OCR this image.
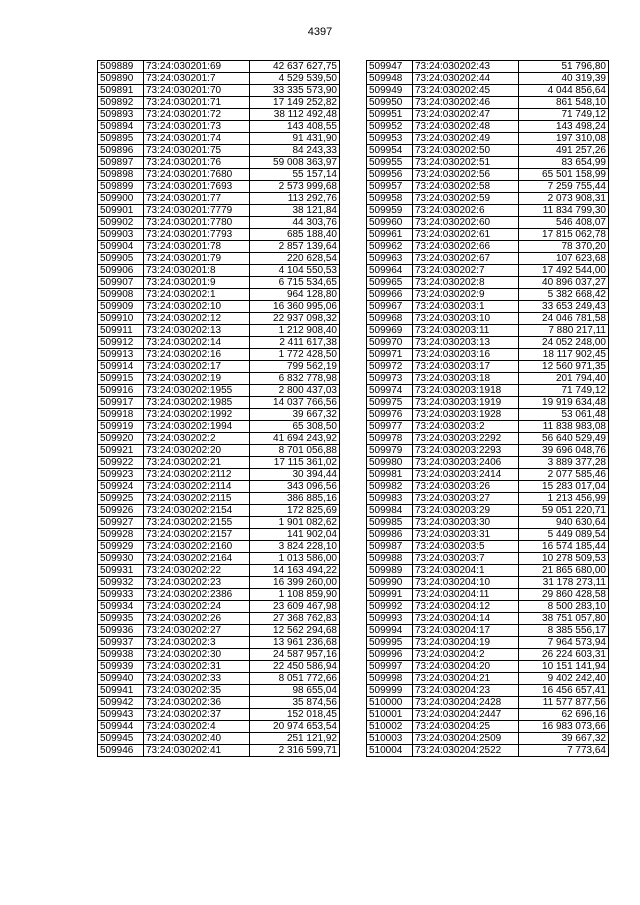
4397
509889	73:24:030201:69	42 637 627,75
509890	73:24:030201:7	4 529 539,50
509891	73:24:030201:70	33 335 573,90
509892	73:24:030201:71	17 149 252,82
509893	73:24:030201:72	38 112 492,48
509894	73:24:030201:73	143 408,55
509895	73:24:030201:74	91 431,90
509896	73:24:030201:75	84 243,33
509897	73:24:030201:76	59 008 363,97
509898	73:24:030201:7680	55 157,14
509899	73:24:030201:7693	2 573 999,68
509900	73:24:030201:77	113 292,76
509901	73:24:030201:7779	38 121,84
509902	73:24:030201:7780	44 303,76
509903	73:24:030201:7793	685 188,40
509904	73:24:030201:78	2 857 139,64
509905	73:24:030201:79	220 628,54
509906	73:24:030201:8	4 104 550,53
509907	73:24:030201:9	6 715 534,65
509908	73:24:030202:1	964 128,80
509909	73:24:030202:10	16 360 995,06
509910	73:24:030202:12	22 937 098,32
509911	73:24:030202:13	1 212 908,40
509912	73:24:030202:14	2 411 617,38
509913	73:24:030202:16	1 772 428,50
509914	73:24:030202:17	799 562,19
509915	73:24:030202:19	6 832 778,98
509916	73:24:030202:1955	2 800 437,03
509917	73:24:030202:1985	14 037 766,56
509918	73:24:030202:1992	39 667,32
509919	73:24:030202:1994	65 308,50
509920	73:24:030202:2	41 694 243,92
509921	73:24:030202:20	8 701 056,88
509922	73:24:030202:21	17 115 361,02
509923	73:24:030202:2112	30 394,44
509924	73:24:030202:2114	343 096,56
509925	73:24:030202:2115	386 885,16
509926	73:24:030202:2154	172 825,69
509927	73:24:030202:2155	1 901 082,62
509928	73:24:030202:2157	141 902,04
509929	73:24:030202:2160	3 824 228,10
509930	73:24:030202:2164	1 013 586,00
509931	73:24:030202:22	14 163 494,22
509932	73:24:030202:23	16 399 260,00
509933	73:24:030202:2386	1 108 859,90
509934	73:24:030202:24	23 609 467,98
509935	73:24:030202:26	27 368 762,83
509936	73:24:030202:27	12 562 294,68
509937	73:24:030202:3	13 961 236,68
509938	73:24:030202:30	24 587 957,16
509939	73:24:030202:31	22 450 586,94
509940	73:24:030202:33	8 051 772,66
509941	73:24:030202:35	98 655,04
509942	73:24:030202:36	35 874,56
509943	73:24:030202:37	152 018,45
509944	73:24:030202:4	20 974 653,54
509945	73:24:030202:40	251 121,92
509946	73:24:030202:41	2 316 599,71
509947	73:24:030202:43	51 796,80
509948	73:24:030202:44	40 319,39
509949	73:24:030202:45	4 044 856,64
509950	73:24:030202:46	861 548,10
509951	73:24:030202:47	71 749,12
509952	73:24:030202:48	143 498,24
509953	73:24:030202:49	197 310,08
509954	73:24:030202:50	491 257,26
509955	73:24:030202:51	83 654,99
509956	73:24:030202:56	65 501 158,99
509957	73:24:030202:58	7 259 755,44
509958	73:24:030202:59	2 073 908,31
509959	73:24:030202:6	11 834 799,30
509960	73:24:030202:60	546 408,07
509961	73:24:030202:61	17 815 062,78
509962	73:24:030202:66	78 370,20
509963	73:24:030202:67	107 623,68
509964	73:24:030202:7	17 492 544,00
509965	73:24:030202:8	40 896 037,27
509966	73:24:030202:9	5 382 668,42
509967	73:24:030203:1	33 653 249,43
509968	73:24:030203:10	24 046 781,58
509969	73:24:030203:11	7 880 217,11
509970	73:24:030203:13	24 052 248,00
509971	73:24:030203:16	18 117 902,45
509972	73:24:030203:17	12 560 971,35
509973	73:24:030203:18	201 794,40
509974	73:24:030203:1918	71 749,12
509975	73:24:030203:1919	19 919 634,48
509976	73:24:030203:1928	53 061,48
509977	73:24:030203:2	11 838 983,08
509978	73:24:030203:2292	56 640 529,49
509979	73:24:030203:2293	39 696 048,76
509980	73:24:030203:2406	3 889 377,28
509981	73:24:030203:2414	2 077 585,46
509982	73:24:030203:26	15 283 017,04
509983	73:24:030203:27	1 213 456,99
509984	73:24:030203:29	59 051 220,71
509985	73:24:030203:30	940 630,64
509986	73:24:030203:31	5 449 089,54
509987	73:24:030203:5	16 574 185,44
509988	73:24:030203:7	10 278 509,53
509989	73:24:030204:1	21 865 680,00
509990	73:24:030204:10	31 178 273,11
509991	73:24:030204:11	29 860 428,58
509992	73:24:030204:12	8 500 283,10
509993	73:24:030204:14	38 751 057,80
509994	73:24:030204:17	8 385 556,17
509995	73:24:030204:19	7 964 573,94
509996	73:24:030204:2	26 224 603,31
509997	73:24:030204:20	10 151 141,94
509998	73:24:030204:21	9 402 242,40
509999	73:24:030204:23	16 456 657,41
510000	73:24:030204:2428	11 577 877,56
510001	73:24:030204:2447	62 696,16
510002	73:24:030204:25	16 983 073,66
510003	73:24:030204:2509	39 667,32
510004	73:24:030204:2522	7 773,64
